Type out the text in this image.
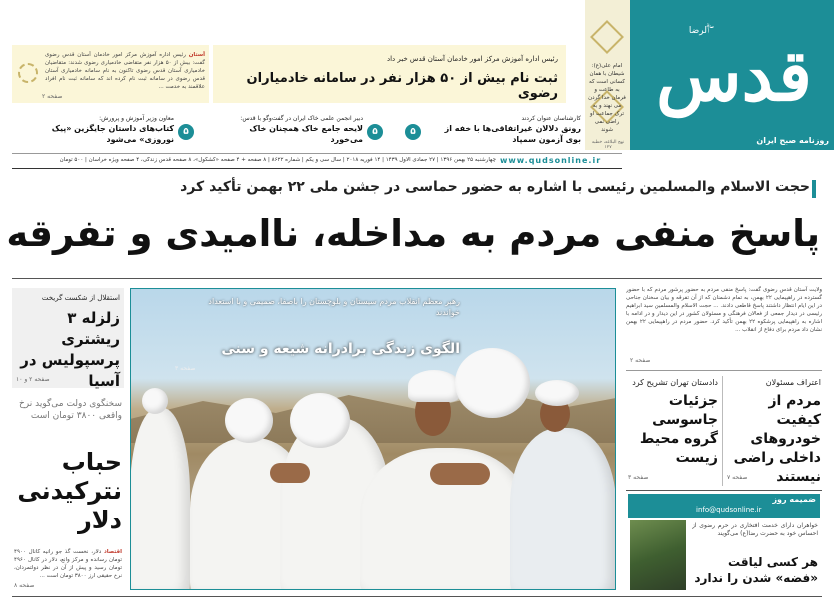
ۖاۗلرضا
قدس
روزنامه صبح ایران
امام علی(ع): شیطان با همان کسانی است که به طاعت و فرمان خدا گردن می نهند و به ترک جماعت او راضی نمی شوند
نهج البلاغه، خطبه ۱۲۷
رئیس اداره آموزش مرکز امور خادمان آستان قدس خبر داد
ثبت نام بیش از ۵۰ هزار نفر در سامانه خادمیاران رضوی
آستان رئیس اداره آموزش مرکز امور خادمان آستان قدس رضوی گفت: بیش از ۵۰ هزار نفر متقاضی خادمیاری رضوی شدند: متقاضیان خادمیاری آستان قدس رضوی تاکنون به نام سامانه خادمیاری آستان قدس رضوی در سامانه ثبت نام کرده اند که سامانه ثبت نام افراد علاقمند به خدمت ...
صفحه ۲
۵
کارشناسان عنوان کردند
رونق دلالان غیراتفاقی‌ها با خفه از بوی آزمون سمپاد
۵
دبیر انجمن علمی خاک ایران در گفت‌وگو با قدس:
لایحه جامع خاک همچنان خاک می‌خورد
۵
معاون وزیر آموزش و پرورش:
کتاب‌های داستان جایگزین «پیک نوروزی» می‌شود
www.qudsonline.ir
چهارشنبه ۲۵ بهمن ۱۳۹۶ | ۲۷ جمادی الاول ۱۴۳۹ | ۱۴ فوریه ۲۰۱۸ | سال سی و یکم | شماره ۸۶۲۲ | ۸ صفحه + ۴ صفحه «کشکول»، ۸ صفحه قدس زندگی، ۴ صفحه ویژه خراسان | ۵۰۰ تومان
حجت الاسلام والمسلمین رئیسی با اشاره به حضور حماسی در جشن ملی ۲۲ بهمن تأکید کرد
پاسخ منفی مردم به مداخله، ناامیدی و تفرقه
ولایت آستان قدس رضوی گفت: پاسخ منفی مردم به حضور پرشور مردم که با حضور گسترده در راهپیمایی ۲۲ بهمن، به تمام دشمنان که از آن تفرقه و بیان سخنان جناحی در این ایام انتظار داشتند پاسخ قاطعی دادند. ... حجت الاسلام والمسلمین سید ابراهیم رئیسی در دیدار جمعی از فعالان فرهنگی و مسئولان کشور در این دیدار و در ادامه با اشاره به راهپیمایی پرشکوه ۲۲ بهمن تأکید کرد. حضور مردم در راهپیمایی ۲۲ بهمن نشان داد مردم برای دفاع از انقلاب ...
صفحه ۲
رهبر معظم انقلاب مردم سیستان و بلوچستان را باصفا، صمیمی و با استعداد خواندند
الگوی زندگی برادرانه شیعه و سنی
صفحه ۳
استقلال از شکست گریخت
زلزله ۳ ریشتری پرسپولیس در آسیا
صفحه ۲ و ۱۰
سخنگوی دولت می‌گوید نرخ واقعی ۳۸۰۰ تومان است
حباب نترکیدنی دلار
اقتصاد دلار، نخست گذ جو رانیه کانال ۴۹۰۰ تومان رسانده و مرکز وانع، دلار در کانال ۴۹۶۰ تومان رسید و پیش از آن در نظر دولتمردان، نرخ حقیقی ارز ۳۸۰۰ تومان است ...
صفحه ۸
اعتراف مسئولان
مردم از کیفیت خودروهای داخلی راضی نیستند
صفحه ۷
دادستان تهران تشریح کرد
جزئیات جاسوسی گروه محیط زیست
صفحه ۳
ضمیمه روز
info@qudsonline.ir
خواهران دارای خدمت افتخاری در حرم رضوی از احساس خود به حضرت رضا(ع) می‌گویند
هر کسی لیاقت «فضه» شدن را ندارد
